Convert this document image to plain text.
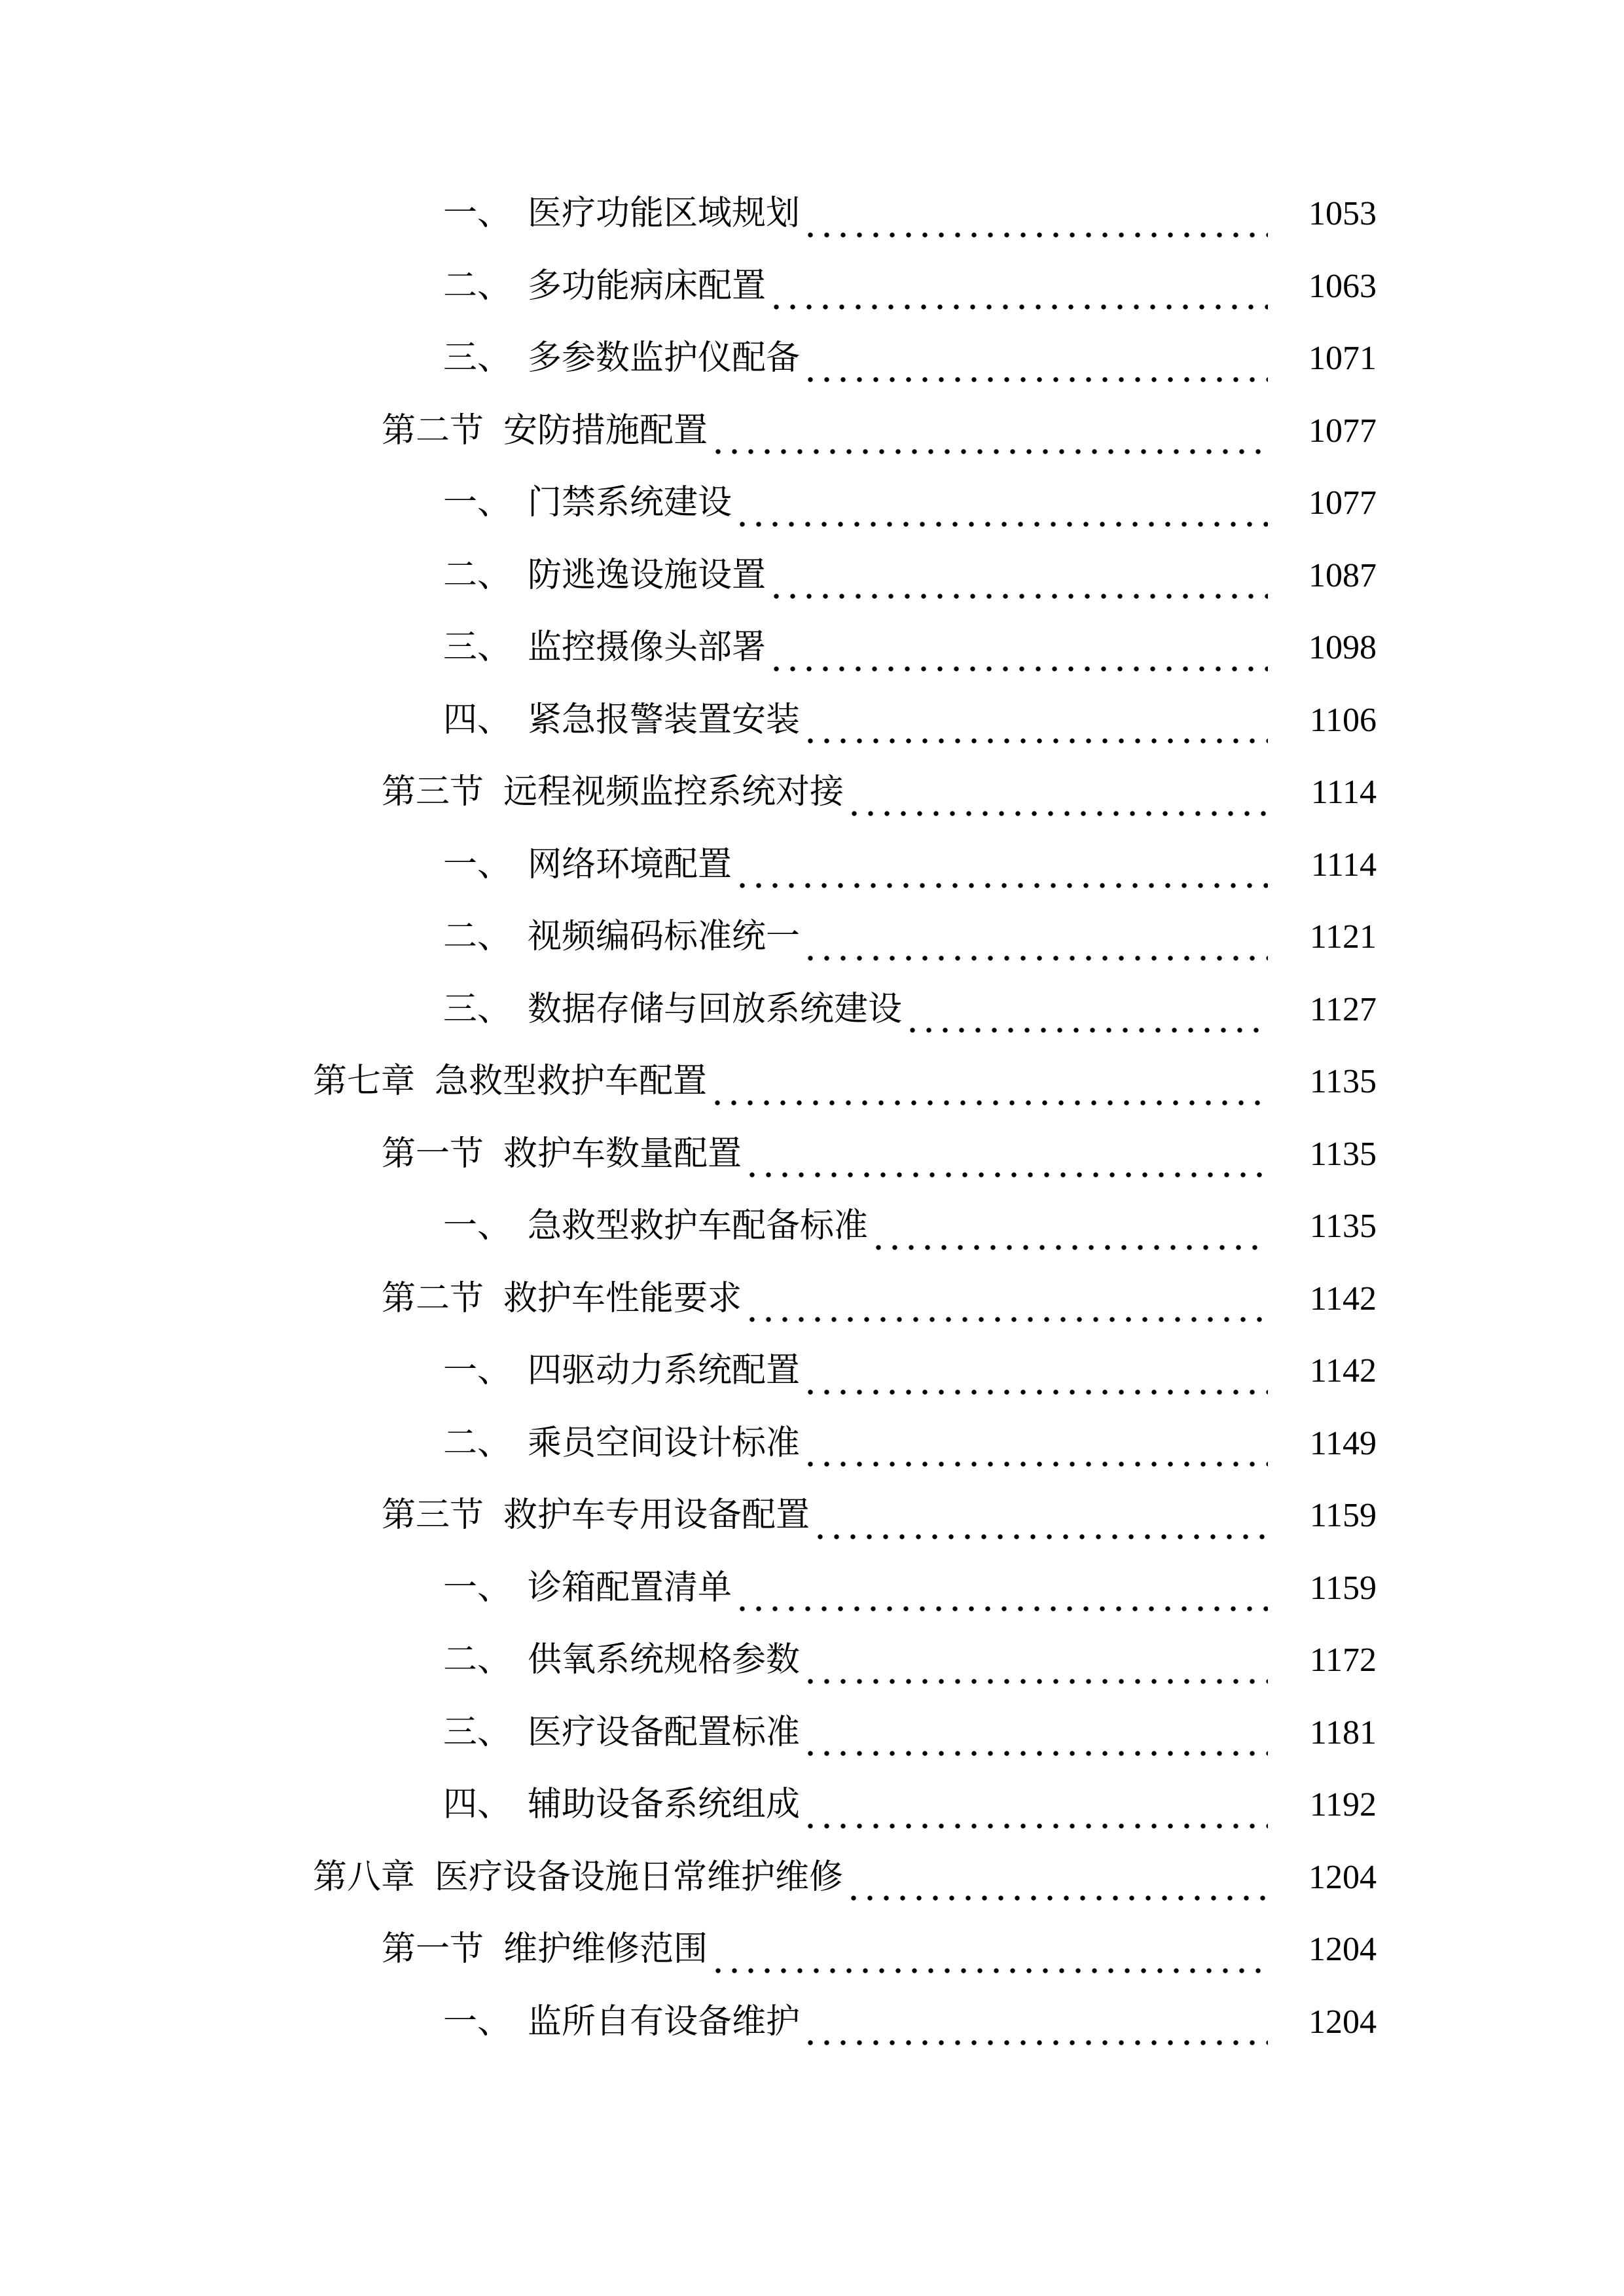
一、 医疗功能区域规划	1053
二、 多功能病床配置	1063
三、 多参数监护仪配备	1071
第二节 安防措施配置	1077
一、 门禁系统建设	1077
二、 防逃逸设施设置	1087
三、 监控摄像头部署	1098
四、 紧急报警装置安装	1106
第三节 远程视频监控系统对接	1114
一、 网络环境配置	1114
二、 视频编码标准统一	1121
三、 数据存储与回放系统建设	1127
第七章 急救型救护车配置	1135
第一节 救护车数量配置	1135
一、 急救型救护车配备标准	1135
第二节 救护车性能要求	1142
一、 四驱动力系统配置	1142
二、 乘员空间设计标准	1149
第三节 救护车专用设备配置	1159
一、 诊箱配置清单	1159
二、 供氧系统规格参数	1172
三、 医疗设备配置标准	1181
四、 辅助设备系统组成	1192
第八章 医疗设备设施日常维护维修	1204
第一节 维护维修范围	1204
一、 监所自有设备维护	1204
